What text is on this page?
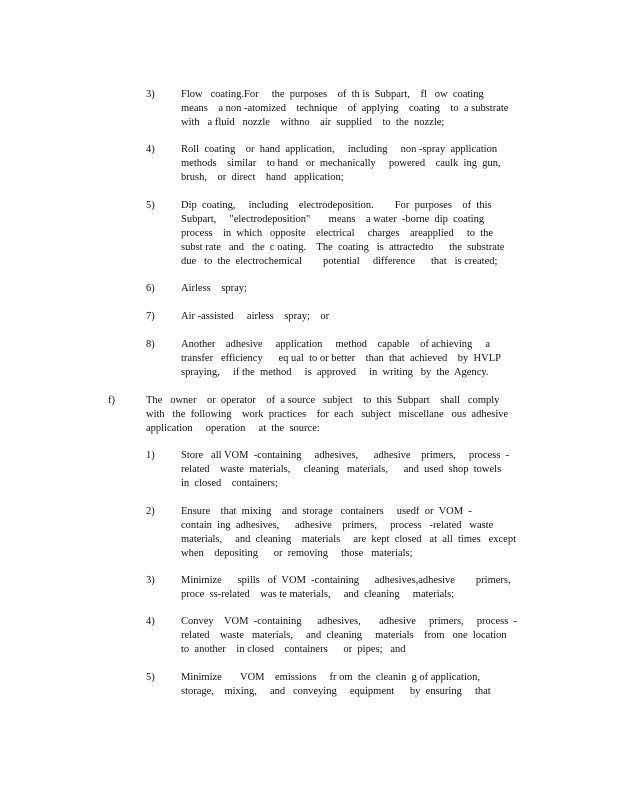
3)	Flow   coating.For     the  purposes    of  th is  Subpart,    fl   ow  coating
means    a non -atomized    technique    of  applying    coating    to  a substrate
with   a fluid   nozzle    withno    air  supplied    to  the  nozzle;
4)	Roll  coating    or  hand  application,     including     non -spray  application
methods    similar    to hand   or  mechanically     powered    caulk  ing  gun,
brush,    or  direct    hand   application;
5)	Dip  coating,     including    electrodeposition.        For  purposes    of  this
Subpart,     "electrodeposition"       means    a water  -borne  dip  coating
process    in  which   opposite    electrical     charges    areapplied     to  the
subst rate   and   the  c oating.    The  coating   is  attractedto      the  substrate
due   to  the  electrochemical        potential     difference      that   is created;
6)	Airless    spray;
7)	Air -assisted     airless    spray;    or
8)	Another    adhesive     application     method    capable    of achieving     a
transfer   efficiency      eq ual  to or better    than  that  achieved    by  HVLP
spraying,     if the  method     is  approved     in  writing   by  the  Agency.
f)	The   owner    or  operator    of  a source   subject    to  this  Subpart    shall   comply
with   the  following    work  practices    for  each   subject   miscellane   ous  adhesive
application     operation     at  the  source:
1)	Store   all VOM  -containing     adhesives,      adhesive    primers,     process  -
related    waste  materials,     cleaning   materials,      and  used  shop  towels
in  closed    containers;
2)	Ensure    that  mixing    and  storage   containers     usedf  or  VOM  -
contain  ing  adhesives,      adhesive    primers,     process   -related   waste
materials,     and  cleaning    materials     are  kept  closed   at  all  times   except
when    depositing      or  removing     those   materials;
3)	Minimize      spills   of  VOM  -containing      adhesives,adhesive        primers,
proce  ss-related    was te materials,     and  cleaning     materials;
4)	Convey    VOM  -containing      adhesives,       adhesive     primers,     process  -
related    waste   materials,     and  cleaning     materials    from   one  location
to  another    in closed    containers      or  pipes;   and
5)	Minimize       VOM    emissions     fr om  the  cleanin  g of application,
storage,    mixing,     and   conveying     equipment      by  ensuring     that
